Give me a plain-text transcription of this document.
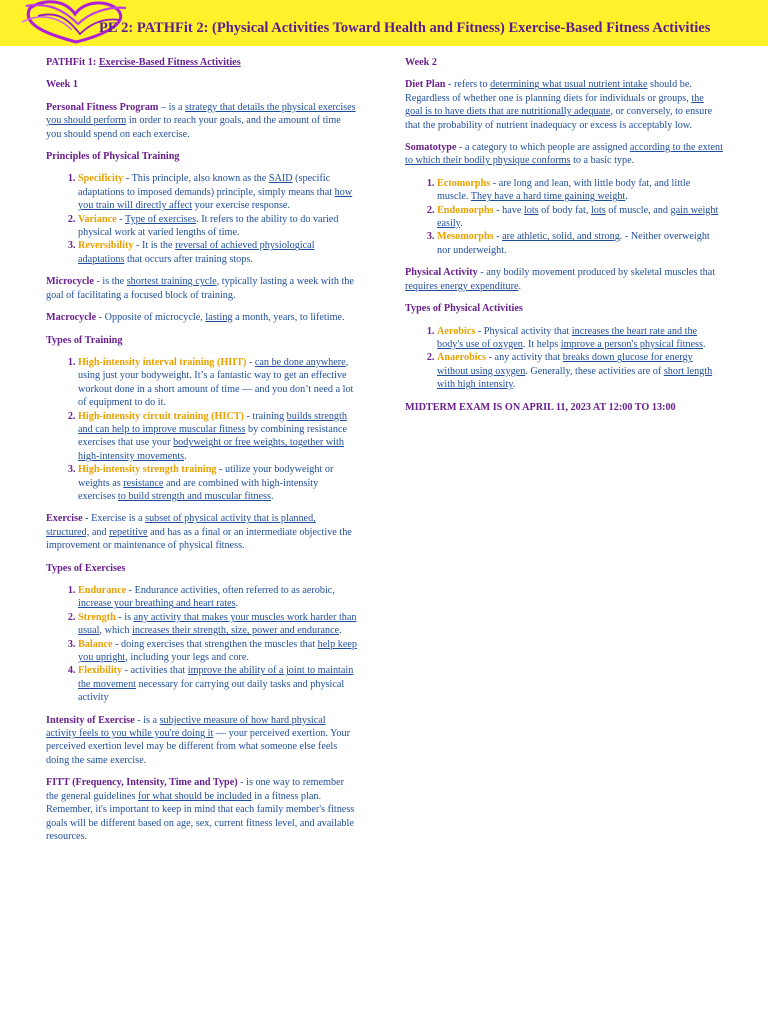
PE 2: PATHFit 2: (Physical Activities Toward Health and Fitness) Exercise-Based Fitness Activities

PATHFit 1: Exercise-Based Fitness Activities

Week 1

Personal Fitness Program – is a strategy that details the physical exercises you should perform in order to reach your goals, and the amount of time you should spend on each exercise.

Principles of Physical Training

1. Specificity - This principle, also known as the SAID (specific adaptations to imposed demands) principle, simply means that how you train will directly affect your exercise response.
2. Variance - Type of exercises. It refers to the ability to do varied physical work at varied lengths of time.
3. Reversibility - It is the reversal of achieved physiological adaptations that occurs after training stops.

Microcycle - is the shortest training cycle, typically lasting a week with the goal of facilitating a focused block of training.

Macrocycle - Opposite of microcycle, lasting a month, years, to lifetime.

Types of Training

1. High-intensity interval training (HIIT) - can be done anywhere, using just your bodyweight. It’s a fantastic way to get an effective workout done in a short amount of time — and you don’t need a lot of equipment to do it.
2. High-intensity circuit training (HICT) - training builds strength and can help to improve muscular fitness by combining resistance exercises that use your bodyweight or free weights, together with high-intensity movements.
3. High-intensity strength training - utilize your bodyweight or weights as resistance and are combined with high-intensity exercises to build strength and muscular fitness.

Exercise - Exercise is a subset of physical activity that is planned, structured, and repetitive and has as a final or an intermediate objective the improvement or maintenance of physical fitness.

Types of Exercises

1. Endurance - Endurance activities, often referred to as aerobic, increase your breathing and heart rates.
2. Strength - is any activity that makes your muscles work harder than usual, which increases their strength, size, power and endurance.
3. Balance - doing exercises that strengthen the muscles that help keep you upright, including your legs and core.
4. Flexibility - activities that improve the ability of a joint to maintain the movement necessary for carrying out daily tasks and physical activity

Intensity of Exercise - is a subjective measure of how hard physical activity feels to you while you're doing it — your perceived exertion. Your perceived exertion level may be different from what someone else feels doing the same exercise.

FITT (Frequency, Intensity, Time and Type) - is one way to remember the general guidelines for what should be included in a fitness plan. Remember, it's important to keep in mind that each family member's fitness goals will be different based on age, sex, current fitness level, and available resources.

Week 2

Diet Plan - refers to determining what usual nutrient intake should be. Regardless of whether one is planning diets for individuals or groups, the goal is to have diets that are nutritionally adequate, or conversely, to ensure that the probability of nutrient inadequacy or excess is acceptably low.

Somatotype - a category to which people are assigned according to the extent to which their bodily physique conforms to a basic type.

1. Ectomorphs - are long and lean, with little body fat, and little muscle. They have a hard time gaining weight.
2. Endomorphs - have lots of body fat, lots of muscle, and gain weight easily.
3. Mesomorphs - are athletic, solid, and strong. - Neither overweight nor underweight.

Physical Activity - any bodily movement produced by skeletal muscles that requires energy expenditure.

Types of Physical Activities

1. Aerobics - Physical activity that increases the heart rate and the body's use of oxygen. It helps improve a person's physical fitness.
2. Anaerobics - any activity that breaks down glucose for energy without using oxygen. Generally, these activities are of short length with high intensity.

MIDTERM EXAM IS ON APRIL 11, 2023 AT 12:00 TO 13:00
